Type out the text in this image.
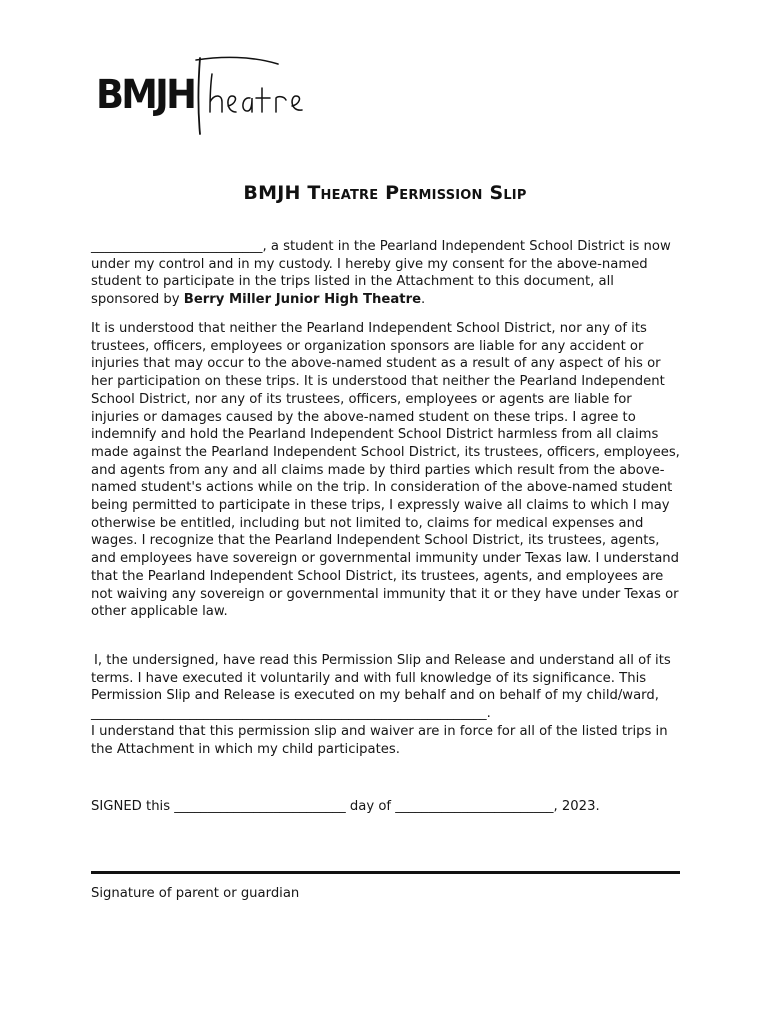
BMJH
BMJH Theatre Permission Slip
__________________________, a student in the Pearland Independent School District is now under my control and in my custody. I hereby give my consent for the above-named student to participate in the trips listed in the Attachment to this document, all sponsored by Berry Miller Junior High Theatre.
It is understood that neither the Pearland Independent School District, nor any of its trustees, officers, employees or organization sponsors are liable for any accident or injuries that may occur to the above-named student as a result of any aspect of his or her participation on these trips. It is understood that neither the Pearland Independent School District, nor any of its trustees, officers, employees or agents are liable for injuries or damages caused by the above-named student on these trips. I agree to indemnify and hold the Pearland Independent School District harmless from all claims made against the Pearland Independent School District, its trustees, officers, employees, and agents from any and all claims made by third parties which result from the above-named student's actions while on the trip. In consideration of the above-named student being permitted to participate in these trips, I expressly waive all claims to which I may otherwise be entitled, including but not limited to, claims for medical expenses and wages. I recognize that the Pearland Independent School District, its trustees, agents, and employees have sovereign or governmental immunity under Texas law. I understand that the Pearland Independent School District, its trustees, agents, and employees are not waiving any sovereign or governmental immunity that it or they have under Texas or other applicable law.
I, the undersigned, have read this Permission Slip and Release and understand all of its terms. I have executed it voluntarily and with full knowledge of its significance. This Permission Slip and Release is executed on my behalf and on behalf of my child/ward, ____________________________________________________________.
I understand that this permission slip and waiver are in force for all of the listed trips in the Attachment in which my child participates.
SIGNED this __________________________ day of ________________________, 2023.
Signature of parent or guardian
